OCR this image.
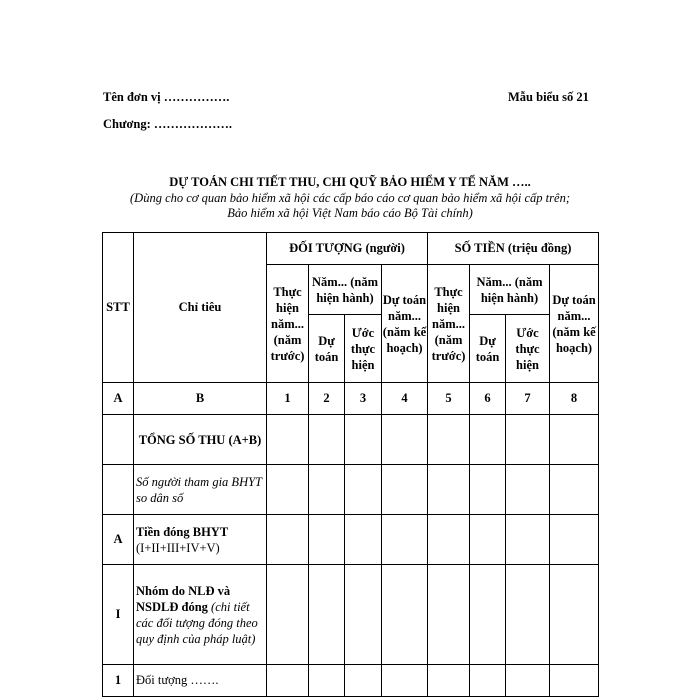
Tên đơn vị …………….	Mẫu biểu số 21
Chương: ……………….
DỰ TOÁN CHI TIẾT THU, CHI QUỸ BẢO HIỂM Y TẾ NĂM …..
(Dùng cho cơ quan bảo hiểm xã hội các cấp báo cáo cơ quan bảo hiểm xã hội cấp trên;
Bảo hiểm xã hội Việt Nam báo cáo Bộ Tài chính)
STT	Chỉ tiêu	ĐỐI TƯỢNG (người)				SỐ TIỀN (triệu đồng)			
		Thực hiện năm... (năm trước)	Năm... (năm hiện hành)		Dự toán năm... (năm kế hoạch)	Thực hiện năm... (năm trước)	Năm... (năm hiện hành)		Dự toán năm... (năm kế hoạch)
			Dự toán	Ước thực hiện			Dự toán	Ước thực hiện	
A	B	1	2	3	4	5	6	7	8
	TỔNG SỐ THU (A+B)								
	Số người tham gia BHYT so dân số								
A	Tiền đóng BHYT
(I+II+III+IV+V)								

I	Nhóm do NLĐ và NSDLĐ đóng (chi tiết các đối tượng đóng theo quy định của pháp luật)								
1	Đối tượng …….								
